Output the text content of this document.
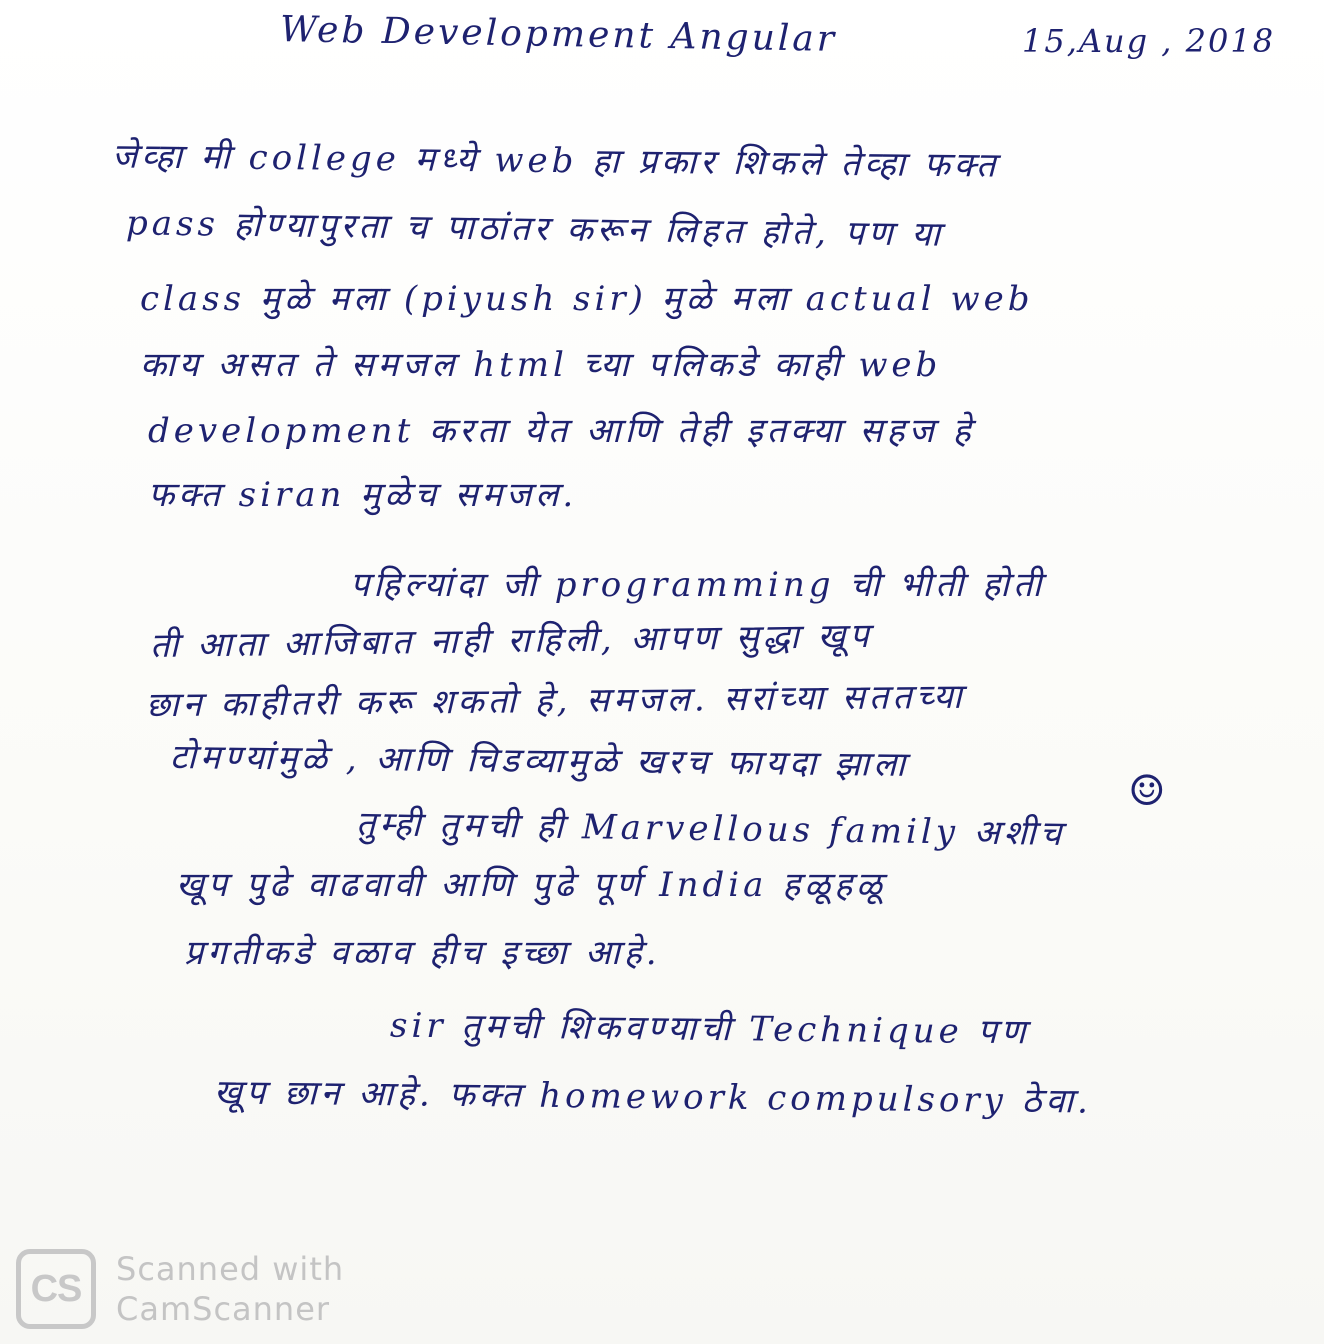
Web Development Angular	15,Aug , 2018
जेव्हा मी college मध्ये web हा प्रकार शिकले तेव्हा फक्त
pass होण्यापुरता च पाठांतर करून लिहत होते, पण या
class मुळे मला (piyush sir) मुळे मला actual web
काय असत ते समजल html च्या पलिकडे काही web
development करता येत आणि तेही इतक्या सहज हे
फक्त siran मुळेच समजल.
पहिल्यांदा जी programming ची भीती होती
ती आता आजिबात नाही राहिली, आपण सुद्धा खूप
छान काहीतरी करू शकतो हे, समजल. सरांच्या सततच्या
टोमण्यांमुळे , आणि चिडव्यामुळे खरच फायदा झाला
☺
तुम्ही तुमची ही Marvellous family अशीच
खूप पुढे वाढवावी आणि पुढे पूर्ण India हळूहळू
प्रगतीकडे वळाव हीच इच्छा आहे.
sir तुमची शिकवण्याची Technique पण
खूप छान आहे. फक्त homework compulsory ठेवा.
CS	Scanned with
CamScanner
